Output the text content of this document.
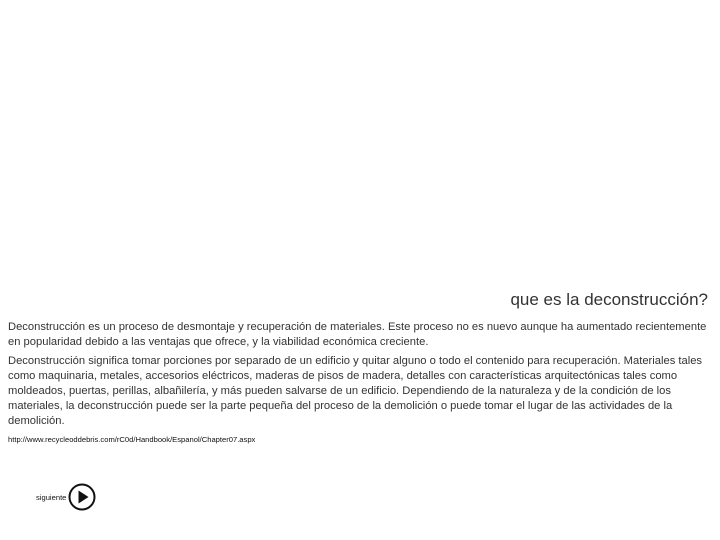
que es la deconstrucción?

Deconstrucción es un proceso de desmontaje y recuperación de materiales. Este proceso no es nuevo aunque ha aumentado recientemente en popularidad debido a las ventajas que ofrece, y la viabilidad económica creciente.

Deconstrucción significa tomar porciones por separado de un edificio y quitar alguno o todo el contenido para recuperación. Materiales tales como maquinaria, metales, accesorios eléctricos, maderas de pisos de madera, detalles con características arquitectónicas tales como moldeados, puertas, perillas, albañilería, y más pueden salvarse de un edificio. Dependiendo de la naturaleza y de la condición de los materiales, la deconstrucción puede ser la parte pequeña del proceso de la demolición o puede tomar el lugar de las actividades de la demolición.

http://www.recycleoddebris.com/rC0d/Handbook/Espanol/Chapter07.aspx
siguiente
